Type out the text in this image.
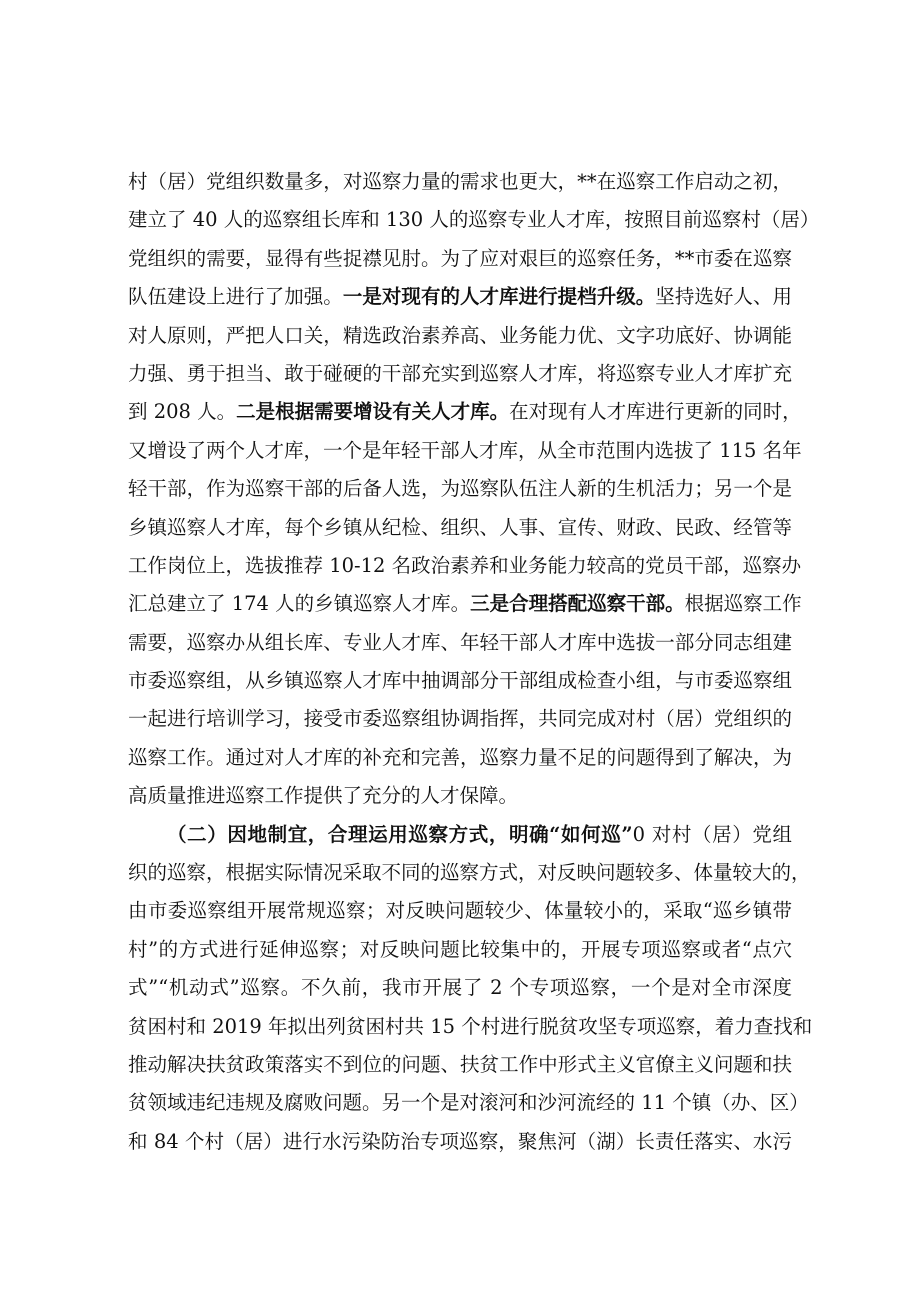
村（居）党组织数量多，对巡察力量的需求也更大，**在巡察工作启动之初，
建立了 40 人的巡察组长库和 130 人的巡察专业人才库，按照目前巡察村（居）
党组织的需要，显得有些捉襟见肘。为了应对艰巨的巡察任务，**市委在巡察
队伍建设上进行了加强。一是对现有的人才库进行提档升级。坚持选好人、用
对人原则，严把人口关，精选政治素养高、业务能力优、文字功底好、协调能
力强、勇于担当、敢于碰硬的干部充实到巡察人才库，将巡察专业人才库扩充
到 208 人。二是根据需要增设有关人才库。在对现有人才库进行更新的同时，
又增设了两个人才库，一个是年轻干部人才库，从全市范围内选拔了 115 名年
轻干部，作为巡察干部的后备人选，为巡察队伍注人新的生机活力；另一个是
乡镇巡察人才库，每个乡镇从纪检、组织、人事、宣传、财政、民政、经管等
工作岗位上，选拔推荐 10-12 名政治素养和业务能力较高的党员干部，巡察办
汇总建立了 174 人的乡镇巡察人才库。三是合理搭配巡察干部。根据巡察工作
需要，巡察办从组长库、专业人才库、年轻干部人才库中选拔一部分同志组建
市委巡察组，从乡镇巡察人才库中抽调部分干部组成检查小组，与市委巡察组
一起进行培训学习，接受市委巡察组协调指挥，共同完成对村（居）党组织的
巡察工作。通过对人才库的补充和完善，巡察力量不足的问题得到了解决，为
高质量推进巡察工作提供了充分的人才保障。
（二）因地制宜，合理运用巡察方式，明确“如何巡”0 对村（居）党组
织的巡察，根据实际情况采取不同的巡察方式，对反映问题较多、体量较大的，
由市委巡察组开展常规巡察；对反映问题较少、体量较小的，采取“巡乡镇带
村”的方式进行延伸巡察；对反映问题比较集中的，开展专项巡察或者“点穴
式”“机动式”巡察。不久前，我市开展了 2 个专项巡察，一个是对全市深度
贫困村和 2019 年拟出列贫困村共 15 个村进行脱贫攻坚专项巡察，着力查找和
推动解决扶贫政策落实不到位的问题、扶贫工作中形式主义官僚主义问题和扶
贫领域违纪违规及腐败问题。另一个是对滚河和沙河流经的 11 个镇（办、区）
和 84 个村（居）进行水污染防治专项巡察，聚焦河（湖）长责任落实、水污
